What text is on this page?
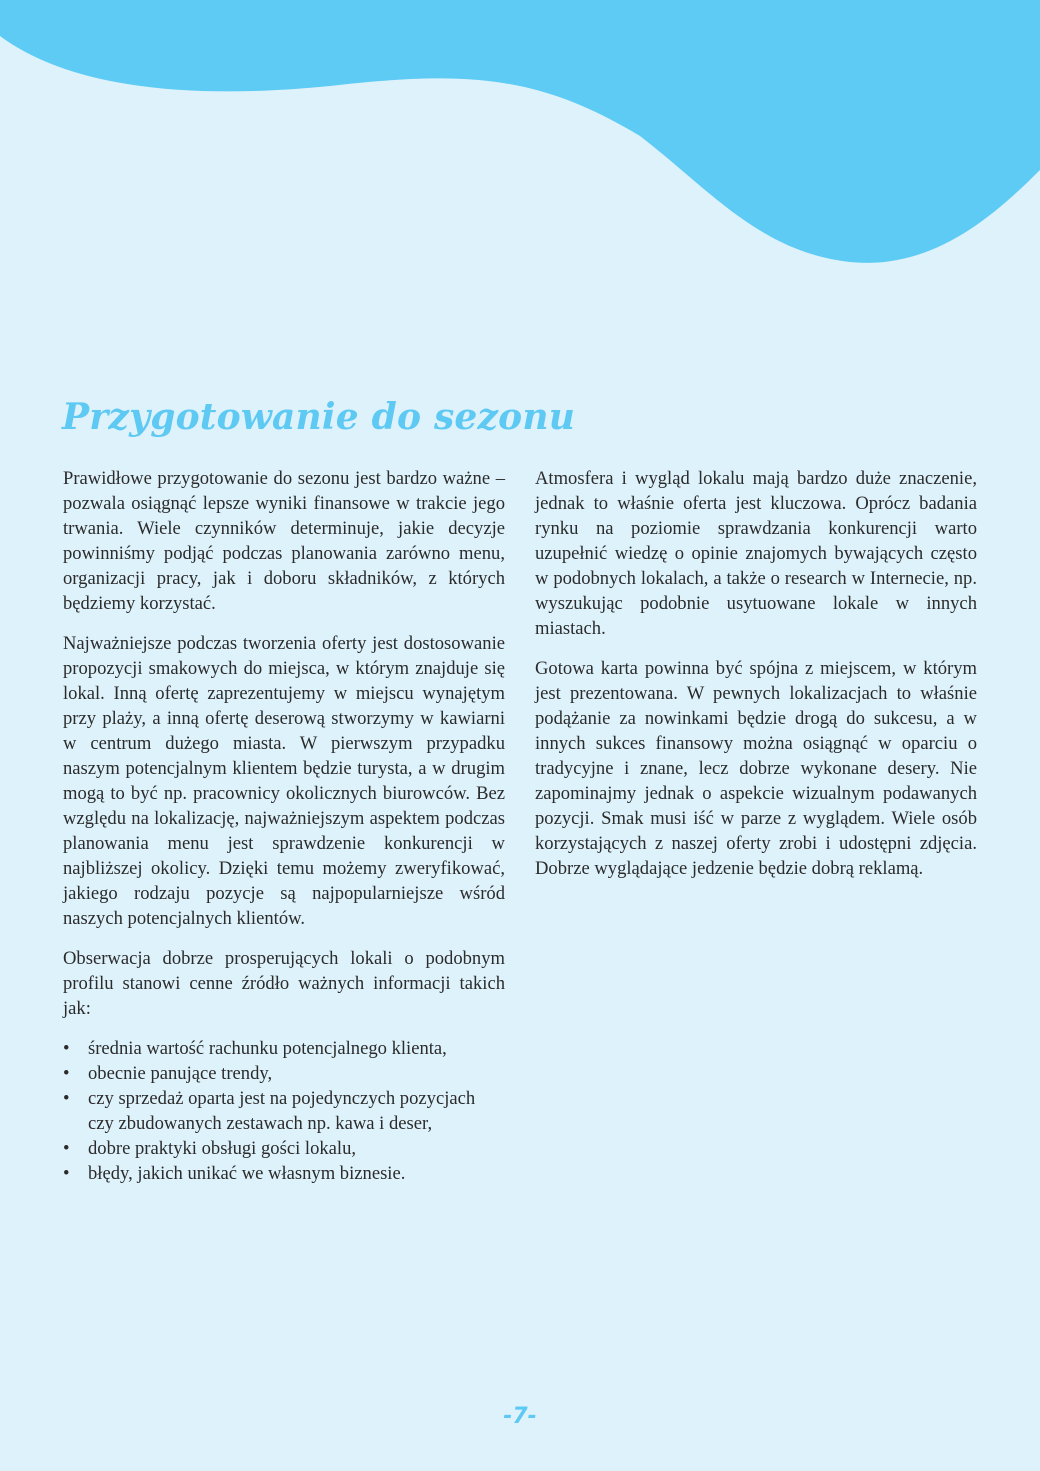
Przygotowanie do sezonu

Prawidłowe przygotowanie do sezonu jest bardzo ważne – pozwala osiągnąć lepsze wyniki finansowe w trakcie jego trwania. Wiele czynników determinuje, jakie decyzje powinniśmy podjąć podczas planowania zarówno menu, organizacji pracy, jak i doboru składników, z których będziemy korzystać.

Najważniejsze podczas tworzenia oferty jest dostosowanie propozycji smakowych do miejsca, w którym znajduje się lokal. Inną ofertę zaprezentujemy w miejscu wynajętym przy plaży, a inną ofertę deserową stworzymy w kawiarni w centrum dużego miasta. W pierwszym przypadku naszym potencjalnym klientem będzie turysta, a w drugim mogą to być np. pracownicy okolicznych biurowców. Bez względu na lokalizację, najważniejszym aspektem podczas planowania menu jest sprawdzenie konkurencji w najbliższej okolicy. Dzięki temu możemy zweryfikować, jakiego rodzaju pozycje są najpopularniejsze wśród naszych potencjalnych klientów.

Obserwacja dobrze prosperujących lokali o podobnym profilu stanowi cenne źródło ważnych informacji takich jak:

• średnia wartość rachunku potencjalnego klienta,
• obecnie panujące trendy,
• czy sprzedaż oparta jest na pojedynczych pozycjach czy zbudowanych zestawach np. kawa i deser,
• dobre praktyki obsługi gości lokalu,
• błędy, jakich unikać we własnym biznesie.

Atmosfera i wygląd lokalu mają bardzo duże znaczenie, jednak to właśnie oferta jest kluczowa. Oprócz badania rynku na poziomie sprawdzania konkurencji warto uzupełnić wiedzę o opinie znajomych bywających często w podobnych lokalach, a także o research w Internecie, np. wyszukując podobnie usytuowane lokale w innych miastach.

Gotowa karta powinna być spójna z miejscem, w którym jest prezentowana. W pewnych lokalizacjach to właśnie podążanie za nowinkami będzie drogą do sukcesu, a w innych sukces finansowy można osiągnąć w oparciu o tradycyjne i znane, lecz dobrze wykonane desery. Nie zapominajmy jednak o aspekcie wizualnym podawanych pozycji. Smak musi iść w parze z wyglądem. Wiele osób korzystających z naszej oferty zrobi i udostępni zdjęcia. Dobrze wyglądające jedzenie będzie dobrą reklamą.

-7-
